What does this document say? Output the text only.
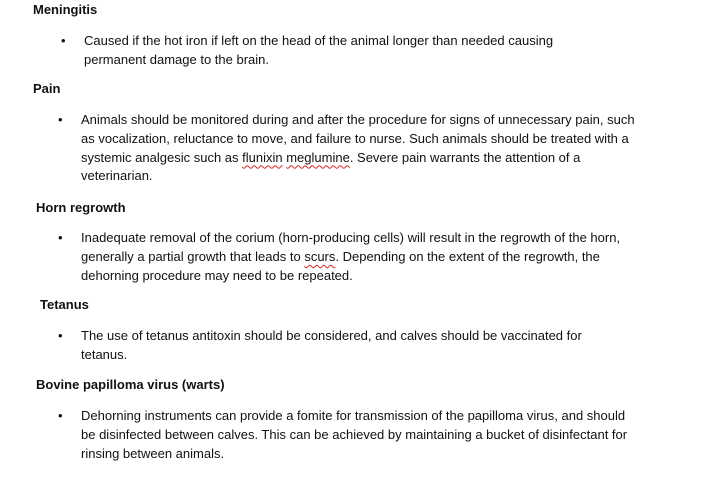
Meningitis
• Caused if the hot iron if left on the head of the animal longer than needed causing permanent damage to the brain.
Pain
• Animals should be monitored during and after the procedure for signs of unnecessary pain, such as vocalization, reluctance to move, and failure to nurse. Such animals should be treated with a systemic analgesic such as flunixin meglumine. Severe pain warrants the attention of a veterinarian.
Horn regrowth
• Inadequate removal of the corium (horn-producing cells) will result in the regrowth of the horn, generally a partial growth that leads to scurs. Depending on the extent of the regrowth, the dehorning procedure may need to be repeated.
Tetanus
• The use of tetanus antitoxin should be considered, and calves should be vaccinated for tetanus.
Bovine papilloma virus (warts)
• Dehorning instruments can provide a fomite for transmission of the papilloma virus, and should be disinfected between calves. This can be achieved by maintaining a bucket of disinfectant for rinsing between animals.
